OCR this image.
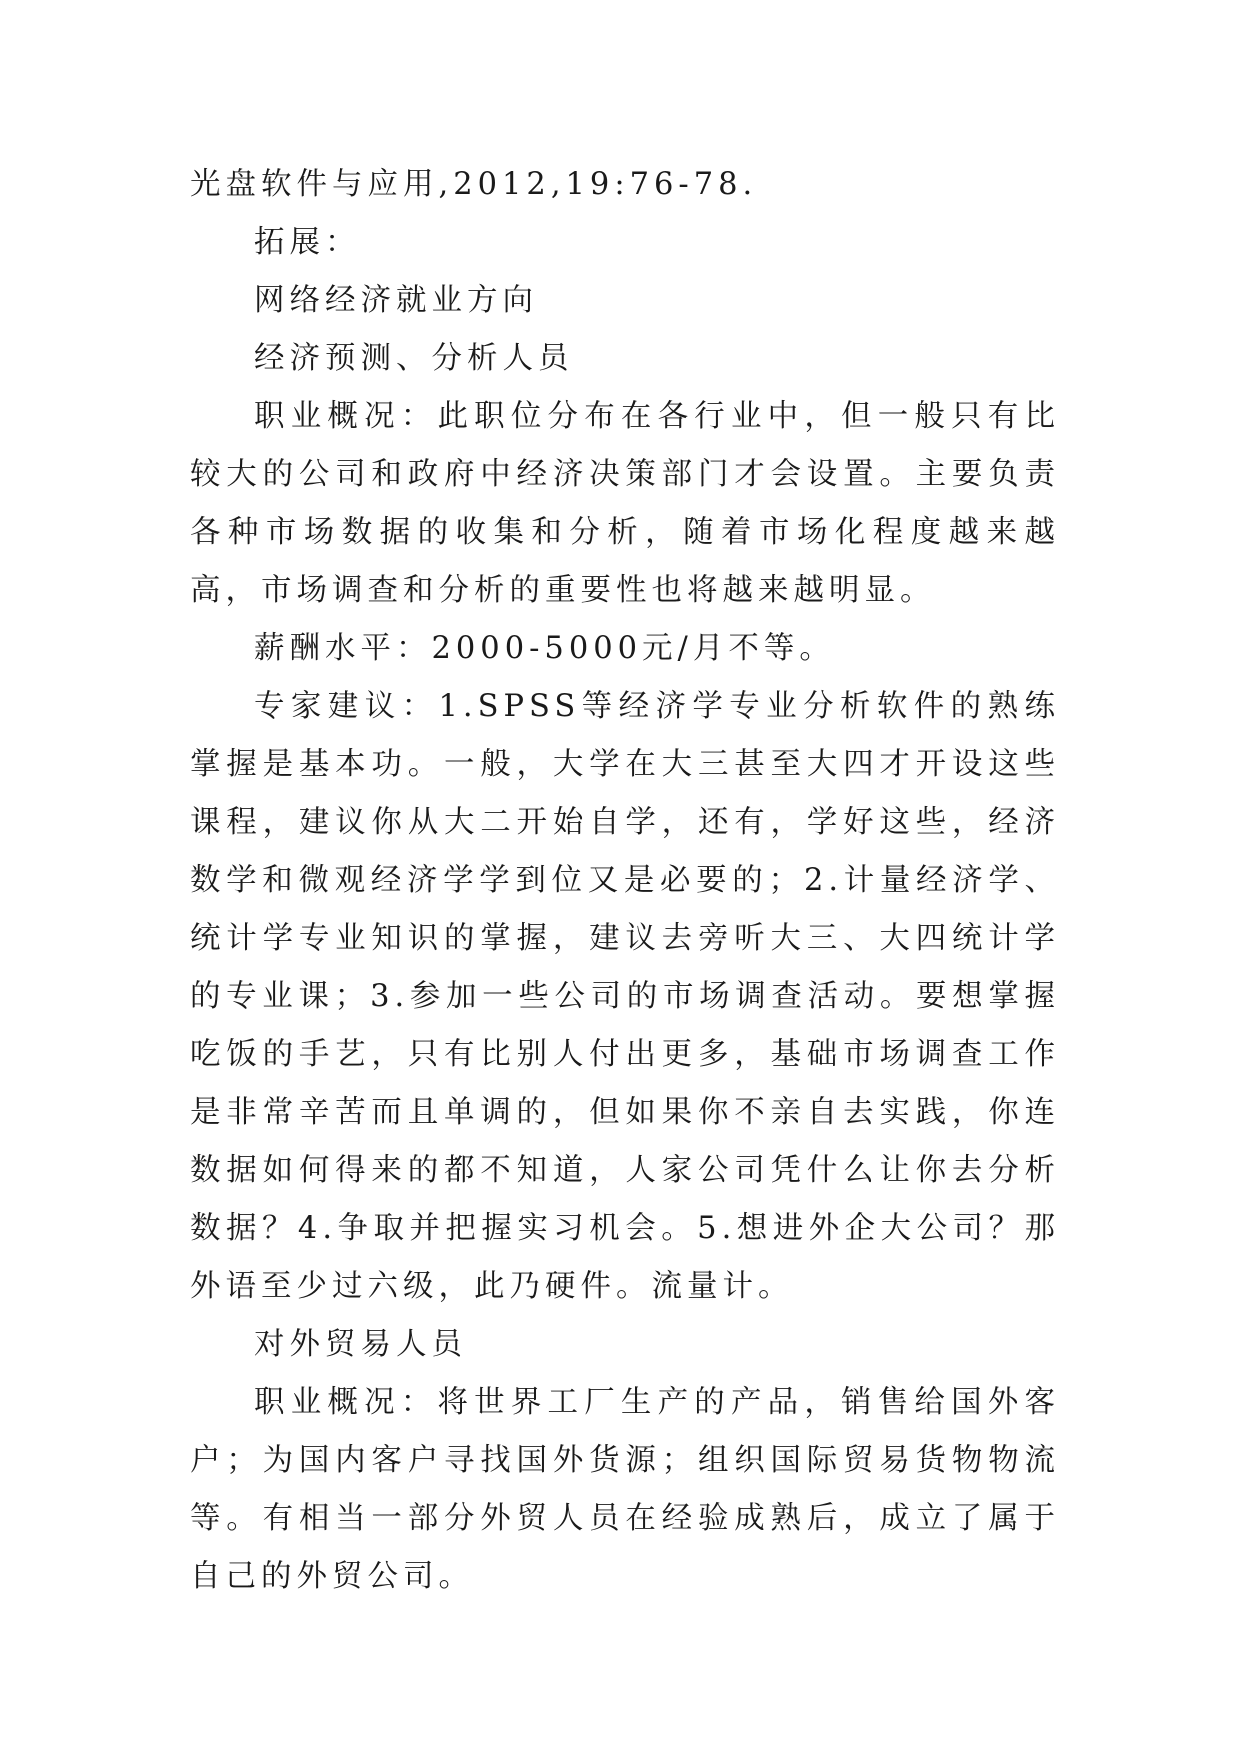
光盘软件与应用,2012,19:76-78.

拓展：

网络经济就业方向

经济预测、分析人员

职业概况：此职位分布在各行业中，但一般只有比较大的公司和政府中经济决策部门才会设置。主要负责各种市场数据的收集和分析，随着市场化程度越来越高，市场调查和分析的重要性也将越来越明显。

薪酬水平：2000-5000元/月不等。

专家建议：1.SPSS等经济学专业分析软件的熟练掌握是基本功。一般，大学在大三甚至大四才开设这些课程，建议你从大二开始自学，还有，学好这些，经济数学和微观经济学学到位又是必要的；2.计量经济学、统计学专业知识的掌握，建议去旁听大三、大四统计学的专业课；3.参加一些公司的市场调查活动。要想掌握吃饭的手艺，只有比别人付出更多，基础市场调查工作是非常辛苦而且单调的，但如果你不亲自去实践，你连数据如何得来的都不知道，人家公司凭什么让你去分析数据？4.争取并把握实习机会。5.想进外企大公司？那外语至少过六级，此乃硬件。流量计。

对外贸易人员

职业概况：将世界工厂生产的产品，销售给国外客户；为国内客户寻找国外货源；组织国际贸易货物物流等。有相当一部分外贸人员在经验成熟后，成立了属于自己的外贸公司。
